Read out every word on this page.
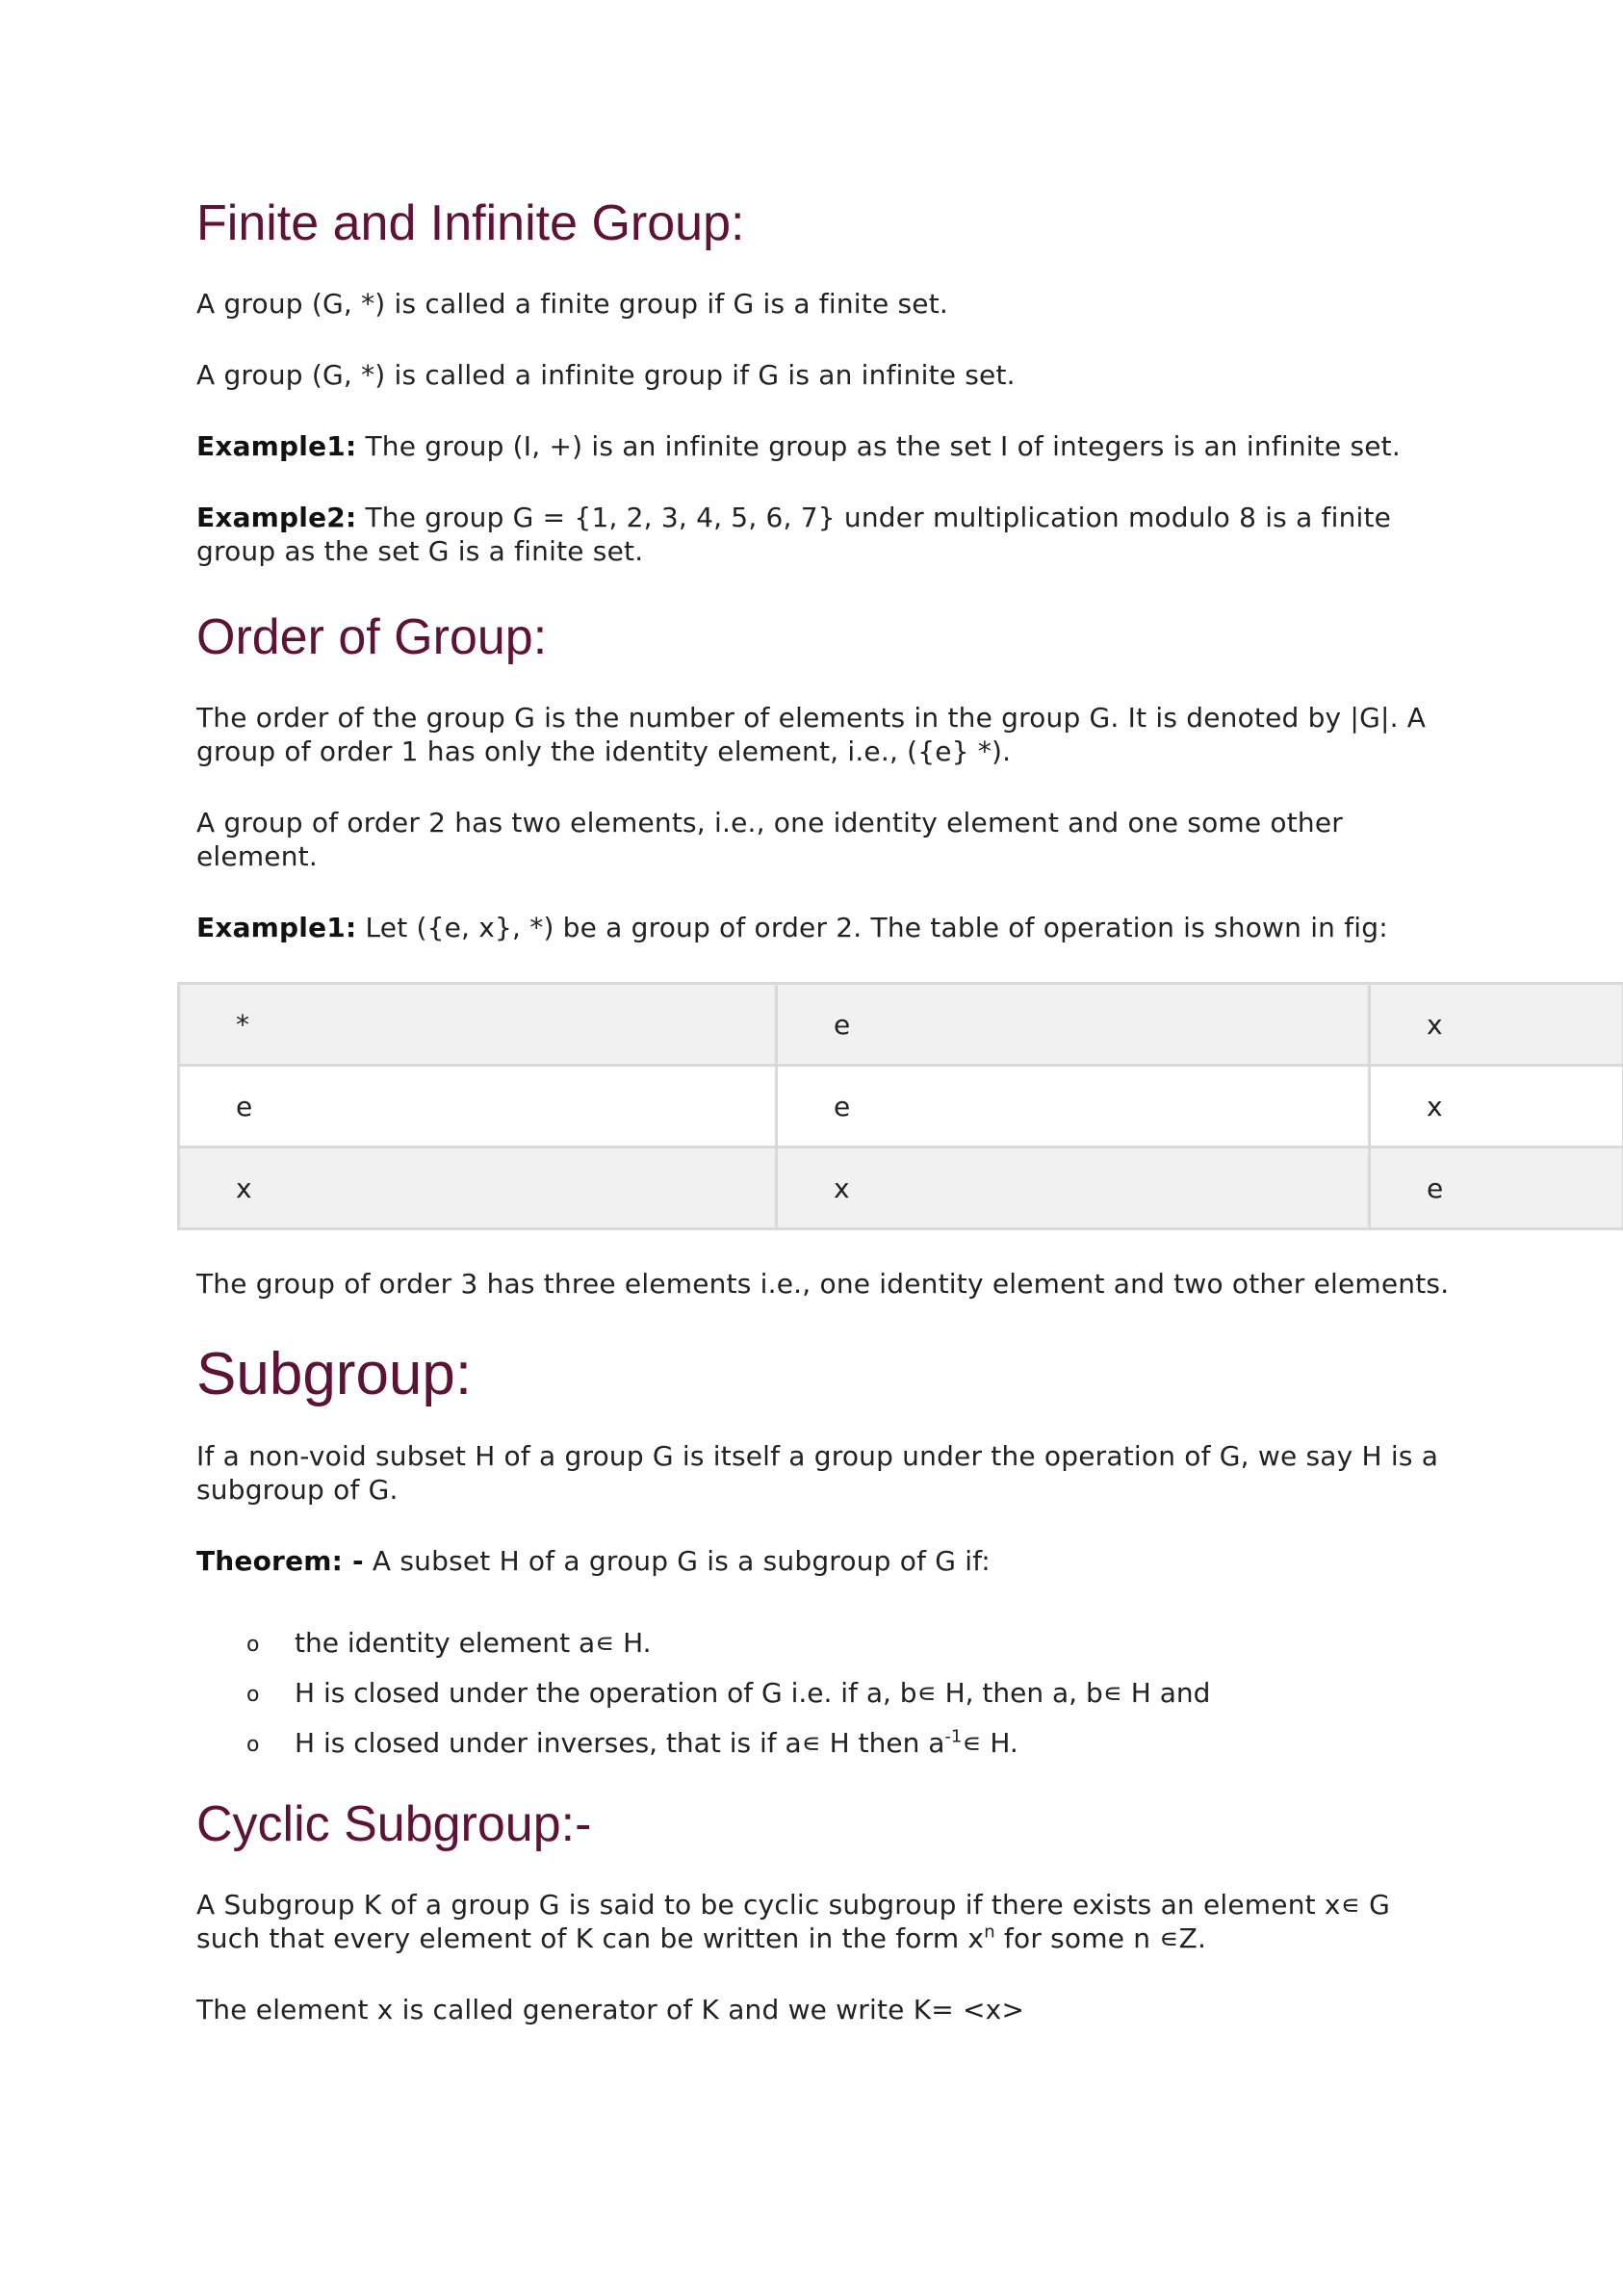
Finite and Infinite Group:

A group (G, *) is called a finite group if G is a finite set.

A group (G, *) is called a infinite group if G is an infinite set.

Example1: The group (I, +) is an infinite group as the set I of integers is an infinite set.

Example2: The group G = {1, 2, 3, 4, 5, 6, 7} under multiplication modulo 8 is a finite group as the set G is a finite set.

Order of Group:

The order of the group G is the number of elements in the group G. It is denoted by |G|. A group of order 1 has only the identity element, i.e., ({e} *).

A group of order 2 has two elements, i.e., one identity element and one some other element.

Example1: Let ({e, x}, *) be a group of order 2. The table of operation is shown in fig:

*	e	x
e	e	x
x	x	e

The group of order 3 has three elements i.e., one identity element and two other elements.

Subgroup:

If a non-void subset H of a group G is itself a group under the operation of G, we say H is a subgroup of G.

Theorem: - A subset H of a group G is a subgroup of G if:

o the identity element a∊ H.
o H is closed under the operation of G i.e. if a, b∊ H, then a, b∊ H and
o H is closed under inverses, that is if a∊ H then $a^{-1}∊$ H.
Cyclic Subgroup:-

A Subgroup K of a group G is said to be cyclic subgroup if there exists an element x∊ G such that every element of K can be written in the form $x^n$ for some n ∊Z.

The element x is called generator of K and we write K= <x>
